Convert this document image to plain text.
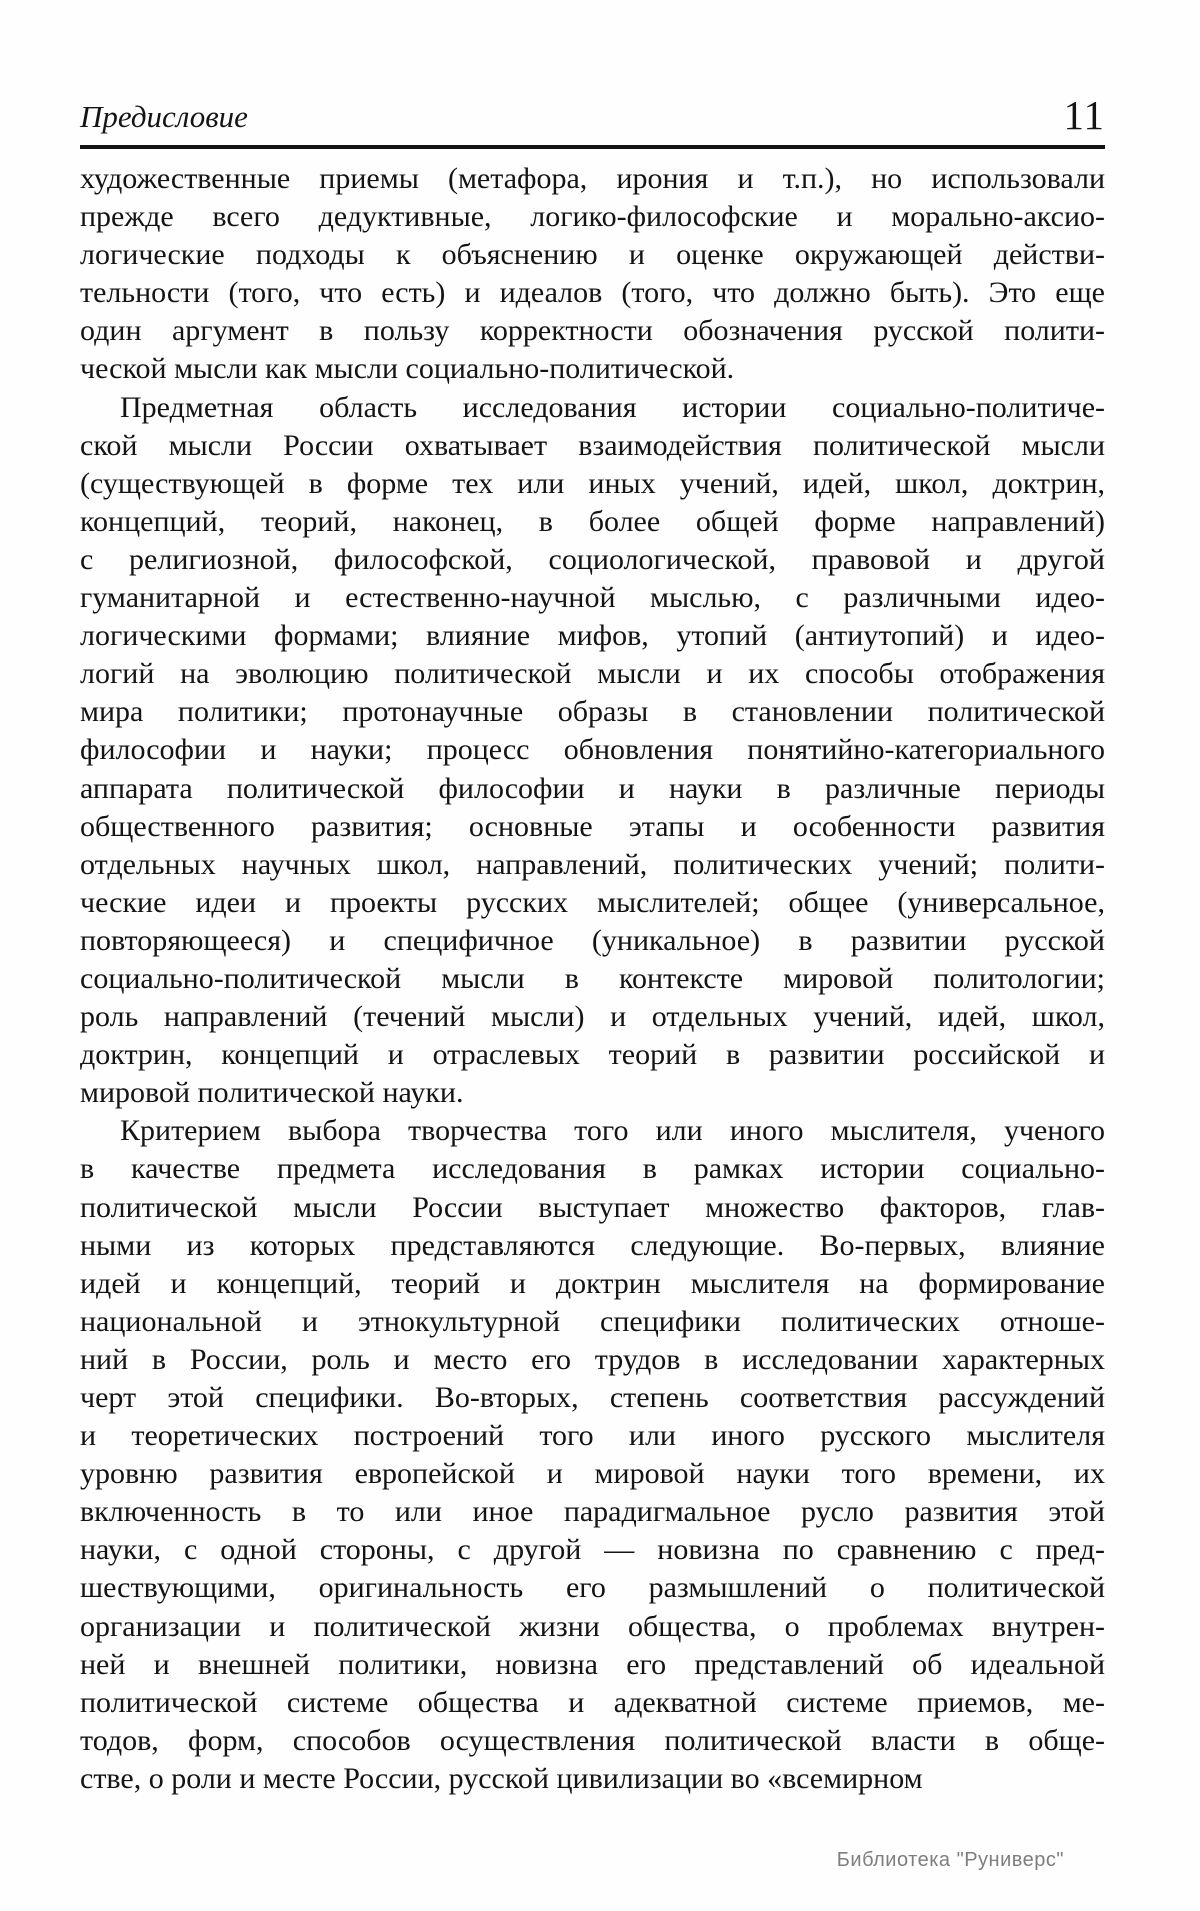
Предисловие	11
художественные приемы (метафора, ирония и т.п.), но использовали
прежде всего дедуктивные, логико-философские и морально-аксио-
логические подходы к объяснению и оценке окружающей действи-
тельности (того, что есть) и идеалов (того, что должно быть). Это еще
один аргумент в пользу корректности обозначения русской полити-
ческой мысли как мысли социально-политической.
Предметная область исследования истории социально-политиче-
ской мысли России охватывает взаимодействия политической мысли
(существующей в форме тех или иных учений, идей, школ, доктрин,
концепций, теорий, наконец, в более общей форме направлений)
с религиозной, философской, социологической, правовой и другой
гуманитарной и естественно-научной мыслью, с различными идео-
логическими формами; влияние мифов, утопий (антиутопий) и идео-
логий на эволюцию политической мысли и их способы отображения
мира политики; протонаучные образы в становлении политической
философии и науки; процесс обновления понятийно-категориального
аппарата политической философии и науки в различные периоды
общественного развития; основные этапы и особенности развития
отдельных научных школ, направлений, политических учений; полити-
ческие идеи и проекты русских мыслителей; общее (универсальное,
повторяющееся) и специфичное (уникальное) в развитии русской
социально-политической мысли в контексте мировой политологии;
роль направлений (течений мысли) и отдельных учений, идей, школ,
доктрин, концепций и отраслевых теорий в развитии российской и
мировой политической науки.
Критерием выбора творчества того или иного мыслителя, ученого
в качестве предмета исследования в рамках истории социально-
политической мысли России выступает множество факторов, глав-
ными из которых представляются следующие. Во-первых, влияние
идей и концепций, теорий и доктрин мыслителя на формирование
национальной и этнокультурной специфики политических отноше-
ний в России, роль и место его трудов в исследовании характерных
черт этой специфики. Во-вторых, степень соответствия рассуждений
и теоретических построений того или иного русского мыслителя
уровню развития европейской и мировой науки того времени, их
включенность в то или иное парадигмальное русло развития этой
науки, с одной стороны, с другой — новизна по сравнению с пред-
шествующими, оригинальность его размышлений о политической
организации и политической жизни общества, о проблемах внутрен-
ней и внешней политики, новизна его представлений об идеальной
политической системе общества и адекватной системе приемов, ме-
тодов, форм, способов осуществления политической власти в обще-
стве, о роли и месте России, русской цивилизации во «всемирном
Библиотека "Руниверс"
